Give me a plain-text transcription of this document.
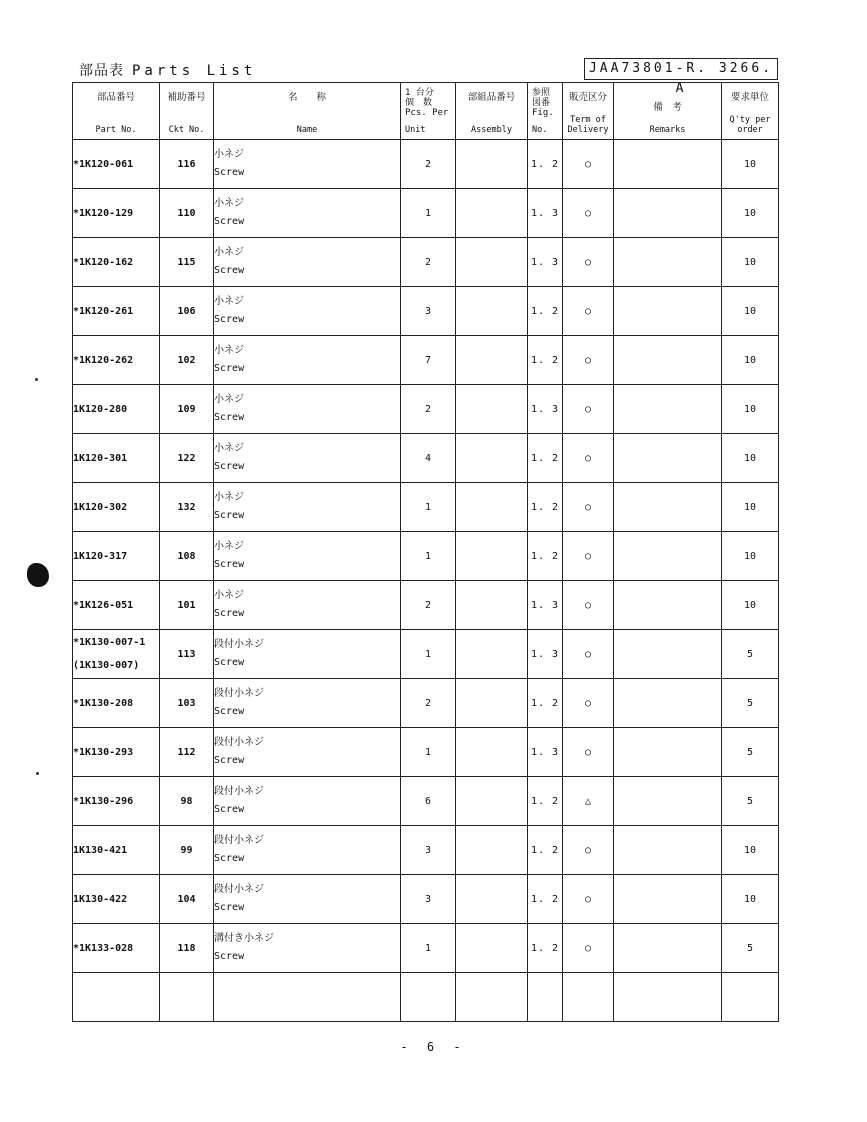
部品表 Parts List	JAA73801-R. 3266. A
部品番号
Part No.	補助番号
Ckt No.	名　　称
Name	1 台分
個　数
Pcs. Per
Unit	部組品番号
Assembly	参照
図番
Fig.
No.	販売区分
Term of
Delivery	備　考
Remarks	要求単位
Q'ty per
order

*1K120-061	116	小ネジ
Screw	2		1. 2	○		10
*1K120-129	110	小ネジ
Screw	1		1. 3	○		10
*1K120-162	115	小ネジ
Screw	2		1. 3	○		10
*1K120-261	106	小ネジ
Screw	3		1. 2	○		10
*1K120-262	102	小ネジ
Screw	7		1. 2	○		10
1K120-280	109	小ネジ
Screw	2		1. 3	○		10
1K120-301	122	小ネジ
Screw	4		1. 2	○		10
1K120-302	132	小ネジ
Screw	1		1. 2	○		10
1K120-317	108	小ネジ
Screw	1		1. 2	○		10
*1K126-051	101	小ネジ
Screw	2		1. 3	○		10
*1K130-007-1
(1K130-007)	113	段付小ネジ
Screw	1		1. 3	○		5
*1K130-208	103	段付小ネジ
Screw	2		1. 2	○		5
*1K130-293	112	段付小ネジ
Screw	1		1. 3	○		5
*1K130-296	98	段付小ネジ
Screw	6		1. 2	△		5
1K130-421	99	段付小ネジ
Screw	3		1. 2	○		10
1K130-422	104	段付小ネジ
Screw	3		1. 2	○		10
*1K133-028	118	溝付き小ネジ
Screw	1		1. 2	○		5

- 6 -
